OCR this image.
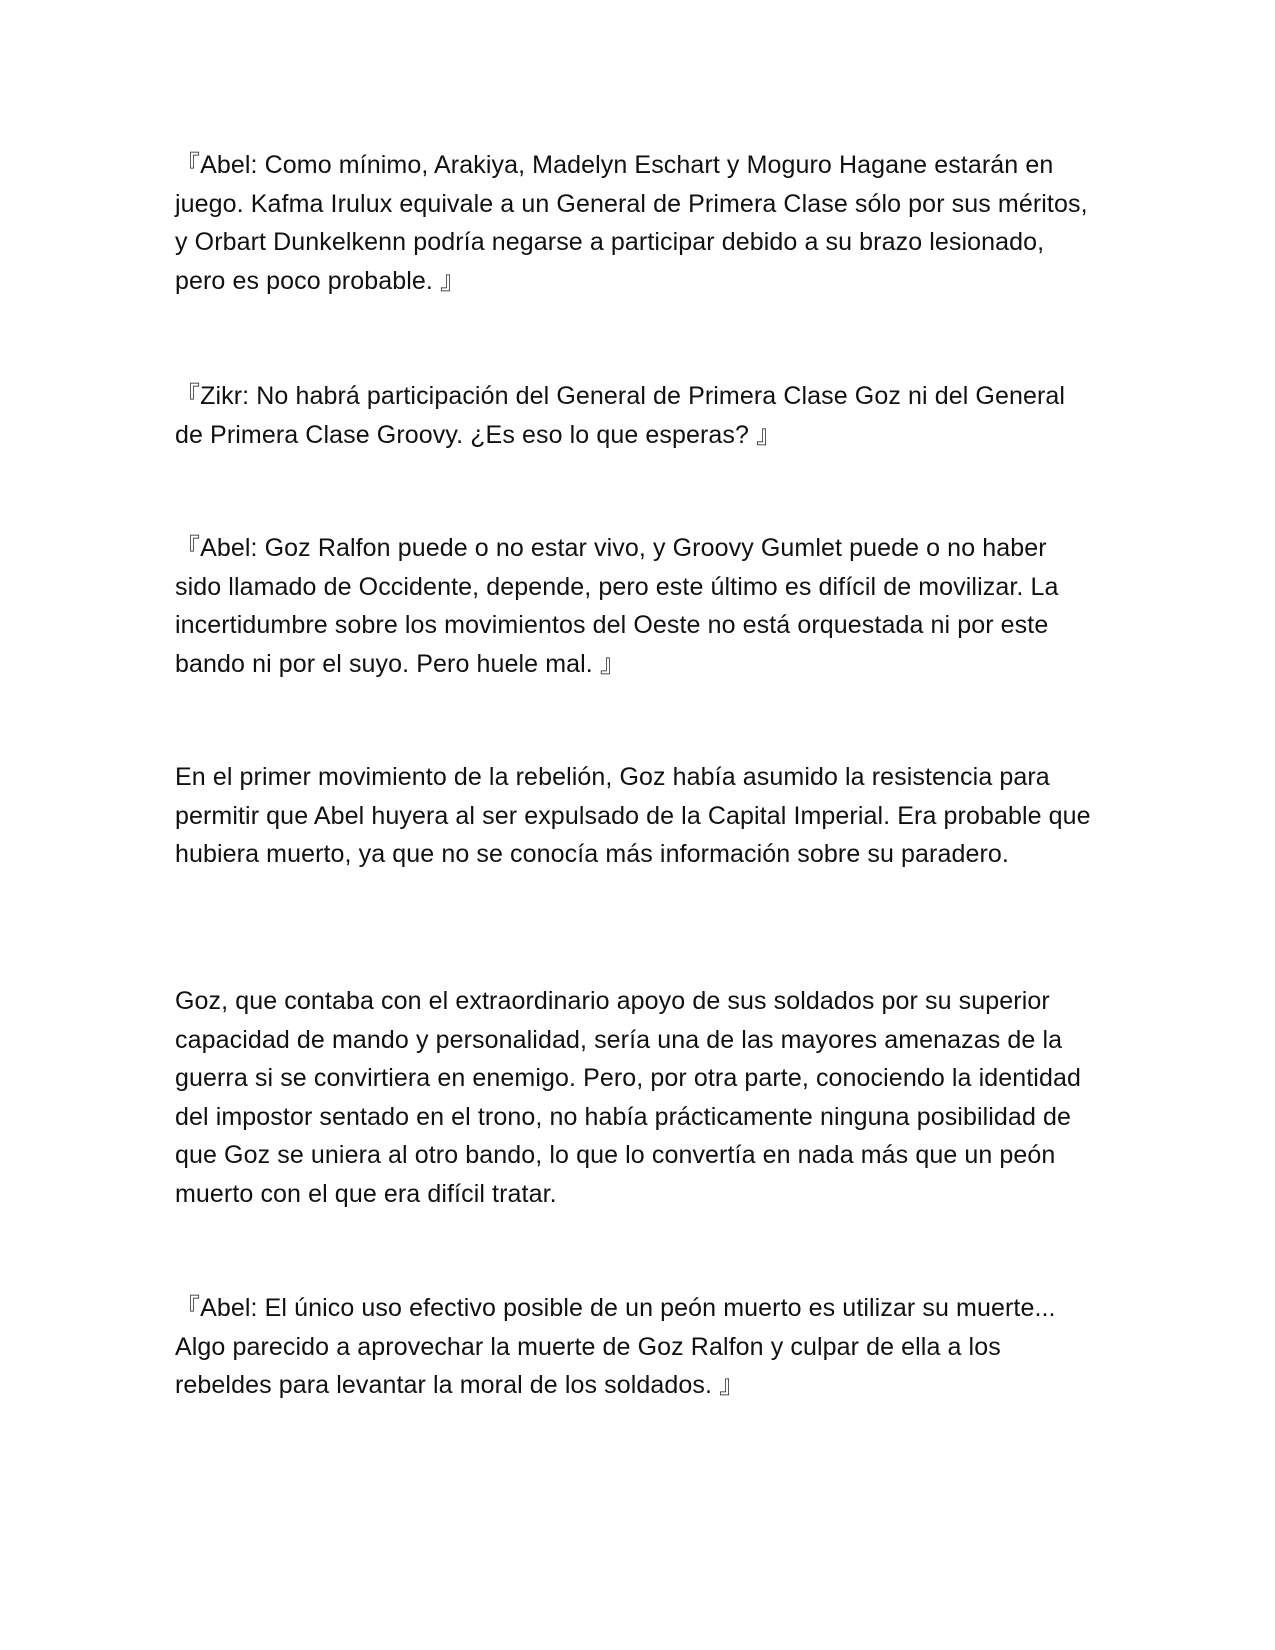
『Abel: Como mínimo, Arakiya, Madelyn Eschart y Moguro Hagane estarán en juego. Kafma Irulux equivale a un General de Primera Clase sólo por sus méritos, y Orbart Dunkelkenn podría negarse a participar debido a su brazo lesionado, pero es poco probable. 』

『Zikr: No habrá participación del General de Primera Clase Goz ni del General de Primera Clase Groovy. ¿Es eso lo que esperas? 』

『Abel: Goz Ralfon puede o no estar vivo, y Groovy Gumlet puede o no haber sido llamado de Occidente, depende, pero este último es difícil de movilizar. La incertidumbre sobre los movimientos del Oeste no está orquestada ni por este bando ni por el suyo. Pero huele mal. 』

En el primer movimiento de la rebelión, Goz había asumido la resistencia para permitir que Abel huyera al ser expulsado de la Capital Imperial. Era probable que hubiera muerto, ya que no se conocía más información sobre su paradero.

Goz, que contaba con el extraordinario apoyo de sus soldados por su superior capacidad de mando y personalidad, sería una de las mayores amenazas de la guerra si se convirtiera en enemigo. Pero, por otra parte, conociendo la identidad del impostor sentado en el trono, no había prácticamente ninguna posibilidad de que Goz se uniera al otro bando, lo que lo convertía en nada más que un peón muerto con el que era difícil tratar.

『Abel: El único uso efectivo posible de un peón muerto es utilizar su muerte... Algo parecido a aprovechar la muerte de Goz Ralfon y culpar de ella a los rebeldes para levantar la moral de los soldados. 』
